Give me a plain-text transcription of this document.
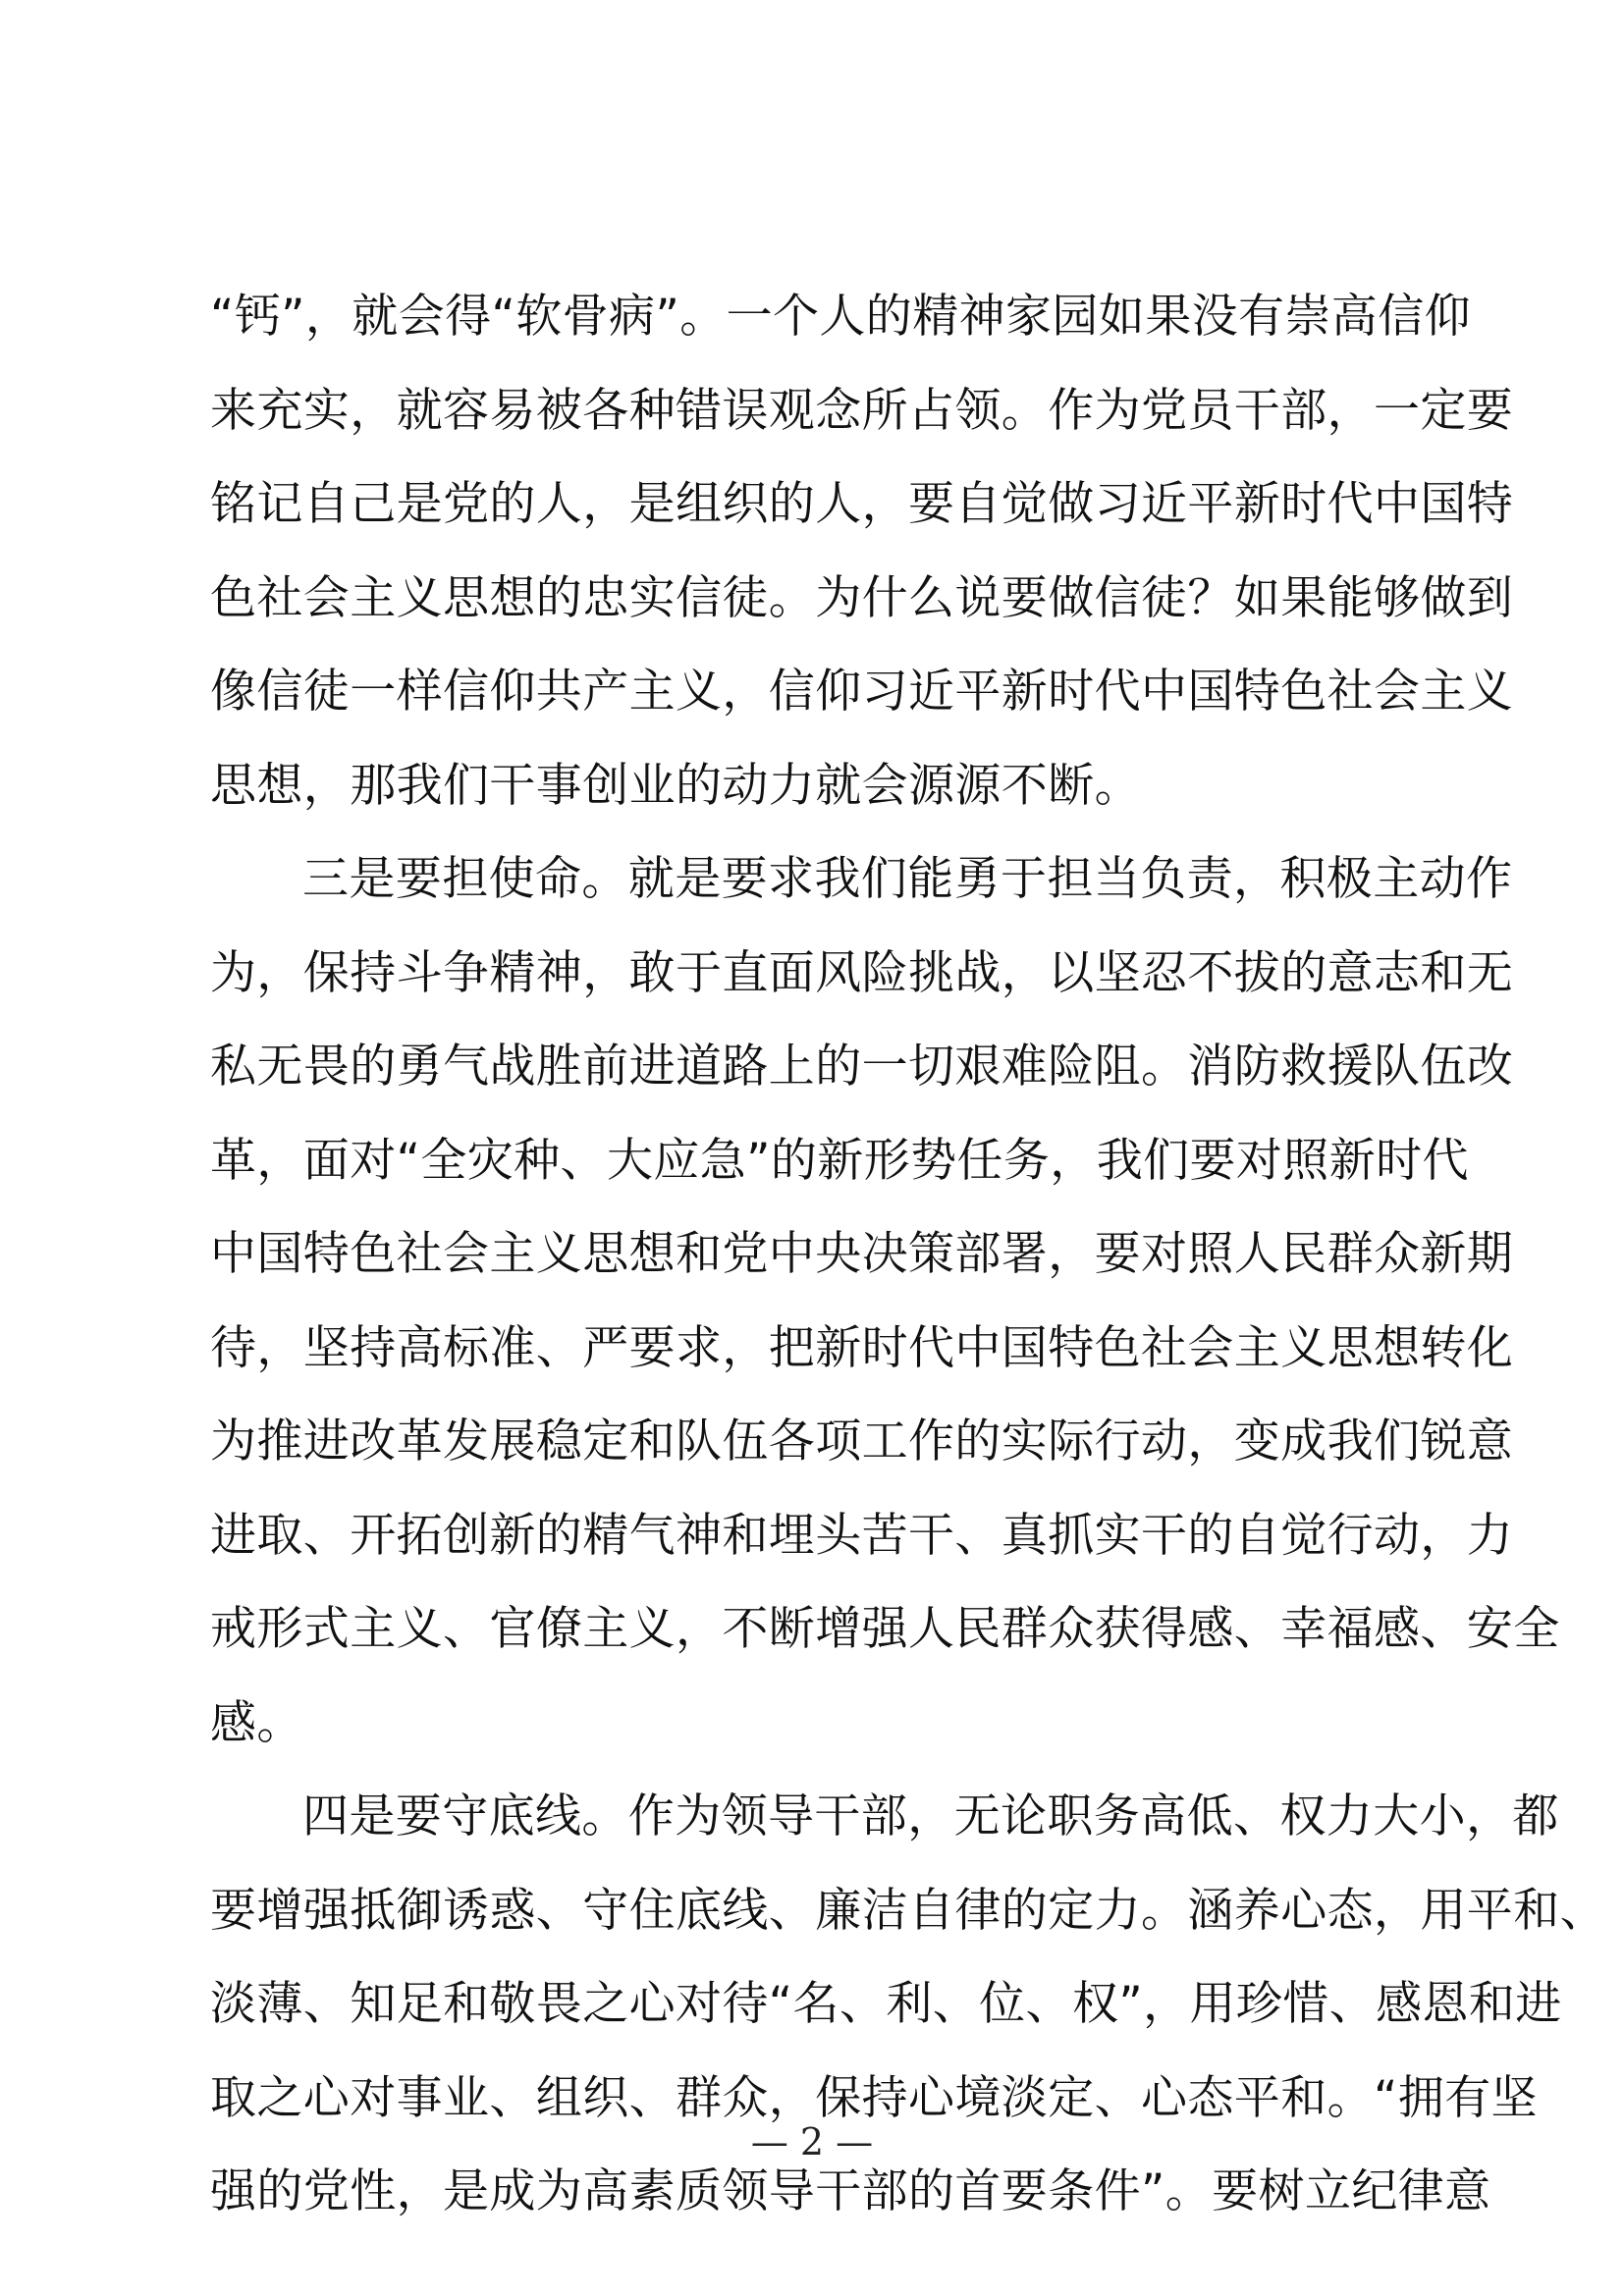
“钙”，就会得“软骨病”。一个人的精神家园如果没有崇高信仰
来充实，就容易被各种错误观念所占领。作为党员干部，一定要
铭记自己是党的人，是组织的人，要自觉做习近平新时代中国特
色社会主义思想的忠实信徒。为什么说要做信徒？如果能够做到
像信徒一样信仰共产主义，信仰习近平新时代中国特色社会主义
思想，那我们干事创业的动力就会源源不断。
三是要担使命。就是要求我们能勇于担当负责，积极主动作
为，保持斗争精神，敢于直面风险挑战，以坚忍不拔的意志和无
私无畏的勇气战胜前进道路上的一切艰难险阻。消防救援队伍改
革，面对“全灾种、大应急”的新形势任务，我们要对照新时代
中国特色社会主义思想和党中央决策部署，要对照人民群众新期
待，坚持高标准、严要求，把新时代中国特色社会主义思想转化
为推进改革发展稳定和队伍各项工作的实际行动，变成我们锐意
进取、开拓创新的精气神和埋头苦干、真抓实干的自觉行动，力
戒形式主义、官僚主义，不断增强人民群众获得感、幸福感、安全
感。
四是要守底线。作为领导干部，无论职务高低、权力大小，都
要增强抵御诱惑、守住底线、廉洁自律的定力。涵养心态，用平和、
淡薄、知足和敬畏之心对待“名、利、位、权”，用珍惜、感恩和进
取之心对事业、组织、群众，保持心境淡定、心态平和。“拥有坚
强的党性，是成为高素质领导干部的首要条件”。要树立纪律意
— 2 —
